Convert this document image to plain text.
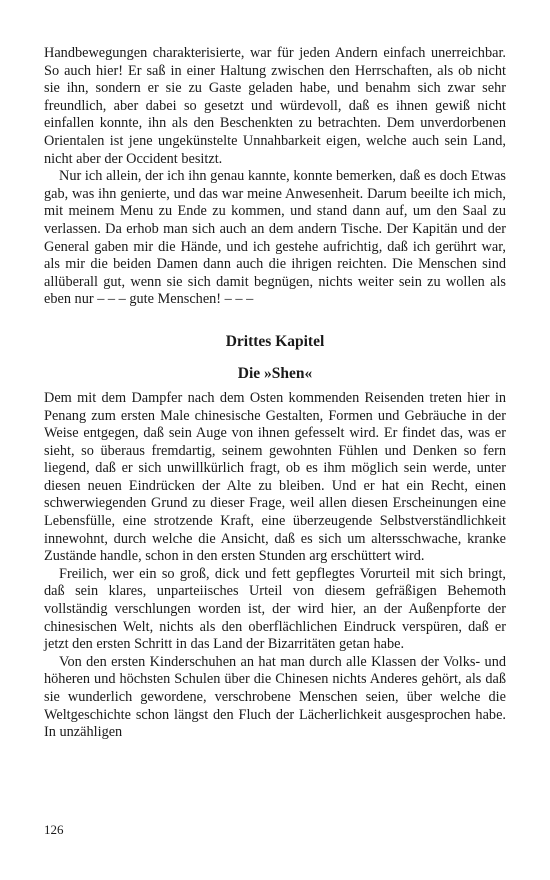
Handbewegungen charakterisierte, war für jeden Andern einfach unerreichbar. So auch hier! Er saß in einer Haltung zwischen den Herrschaften, als ob nicht sie ihn, sondern er sie zu Gaste geladen habe, und benahm sich zwar sehr freundlich, aber dabei so gesetzt und würdevoll, daß es ihnen gewiß nicht einfallen konnte, ihn als den Beschenkten zu betrachten. Dem unverdorbenen Orientalen ist jene ungekünstelte Unnahbarkeit eigen, welche auch sein Land, nicht aber der Occident besitzt.

Nur ich allein, der ich ihn genau kannte, konnte bemerken, daß es doch Etwas gab, was ihn genierte, und das war meine Anwesenheit. Darum beeilte ich mich, mit meinem Menu zu Ende zu kommen, und stand dann auf, um den Saal zu verlassen. Da erhob man sich auch an dem andern Tische. Der Kapitän und der General gaben mir die Hände, und ich gestehe aufrichtig, daß ich gerührt war, als mir die beiden Damen dann auch die ihrigen reichten. Die Menschen sind allüberall gut, wenn sie sich damit begnügen, nichts weiter sein zu wollen als eben nur – – – gute Menschen! – – –

Drittes Kapitel
Die »Shen«

Dem mit dem Dampfer nach dem Osten kommenden Reisenden treten hier in Penang zum ersten Male chinesische Gestalten, Formen und Gebräuche in der Weise entgegen, daß sein Auge von ihnen gefesselt wird. Er findet das, was er sieht, so überaus fremdartig, seinem gewohnten Fühlen und Denken so fern liegend, daß er sich unwillkürlich fragt, ob es ihm möglich sein werde, unter diesen neuen Eindrücken der Alte zu bleiben. Und er hat ein Recht, einen schwerwiegenden Grund zu dieser Frage, weil allen diesen Erscheinungen eine Lebensfülle, eine strotzende Kraft, eine überzeugende Selbstverständlichkeit innewohnt, durch welche die Ansicht, daß es sich um altersschwache, kranke Zustände handle, schon in den ersten Stunden arg erschüttert wird.

Freilich, wer ein so groß, dick und fett gepflegtes Vorurteil mit sich bringt, daß sein klares, unparteiisches Urteil von diesem gefräßigen Behemoth vollständig verschlungen worden ist, der wird hier, an der Außenpforte der chinesischen Welt, nichts als den oberflächlichen Eindruck verspüren, daß er jetzt den ersten Schritt in das Land der Bizarritäten getan habe.

Von den ersten Kinderschuhen an hat man durch alle Klassen der Volks- und höheren und höchsten Schulen über die Chinesen nichts Anderes gehört, als daß sie wunderlich gewordene, verschrobene Menschen seien, über welche die Weltgeschichte schon längst den Fluch der Lächerlichkeit ausgesprochen habe. In unzähligen

126
